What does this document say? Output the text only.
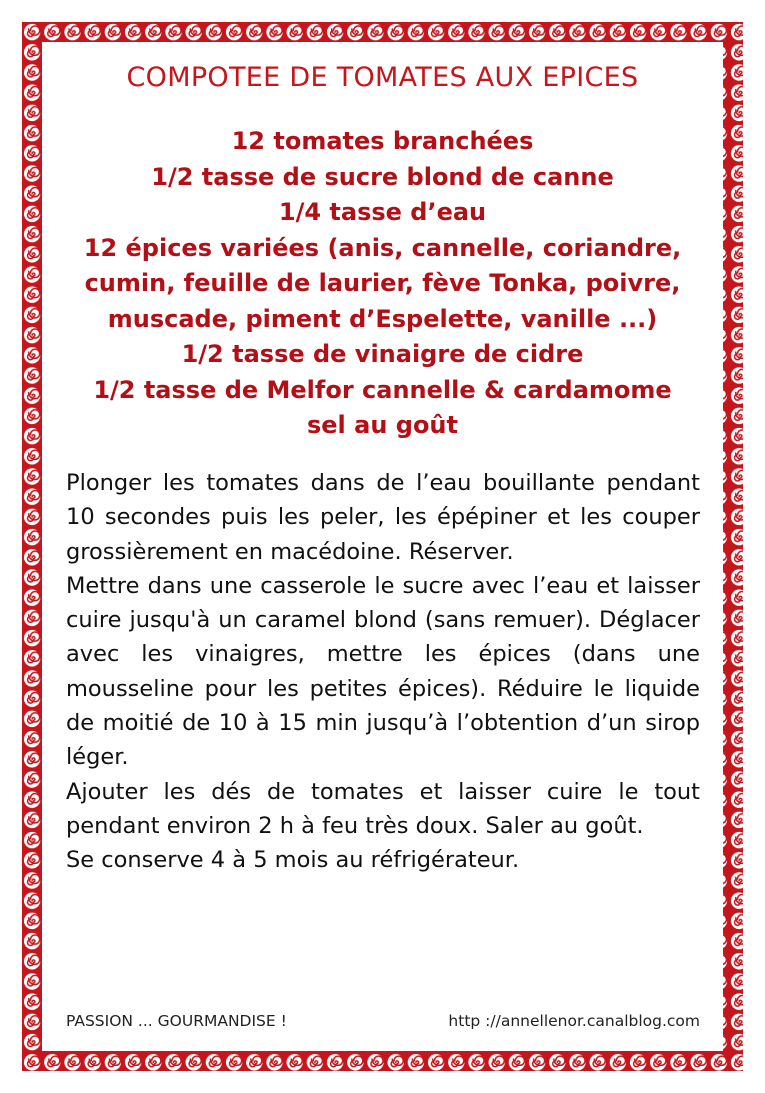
COMPOTEE DE TOMATES AUX EPICES
12 tomates branchées
1/2 tasse de sucre blond de canne
1/4 tasse d’eau
12 épices variées (anis, cannelle, coriandre,
cumin, feuille de laurier, fève Tonka, poivre,
muscade, piment d’Espelette, vanille ...)
1/2 tasse de vinaigre de cidre
1/2 tasse de Melfor cannelle & cardamome
sel au goût

Plonger les tomates dans de l’eau bouillante pendant 10 secondes puis les peler, les épépiner et les couper grossièrement en macédoine. Réserver.

Mettre dans une casserole le sucre avec l’eau et laisser cuire jusqu'à un caramel blond (sans remuer). Déglacer avec les vinaigres, mettre les épices (dans une mousseline pour les petites épices). Réduire le liquide de moitié de 10 à 15 min jusqu’à l’obtention d’un sirop léger.

Ajouter les dés de tomates et laisser cuire le tout pendant environ 2 h à feu très doux. Saler au goût.

Se conserve 4 à 5 mois au réfrigérateur.

PASSION ... GOURMANDISE !	http ://annellenor.canalblog.com
